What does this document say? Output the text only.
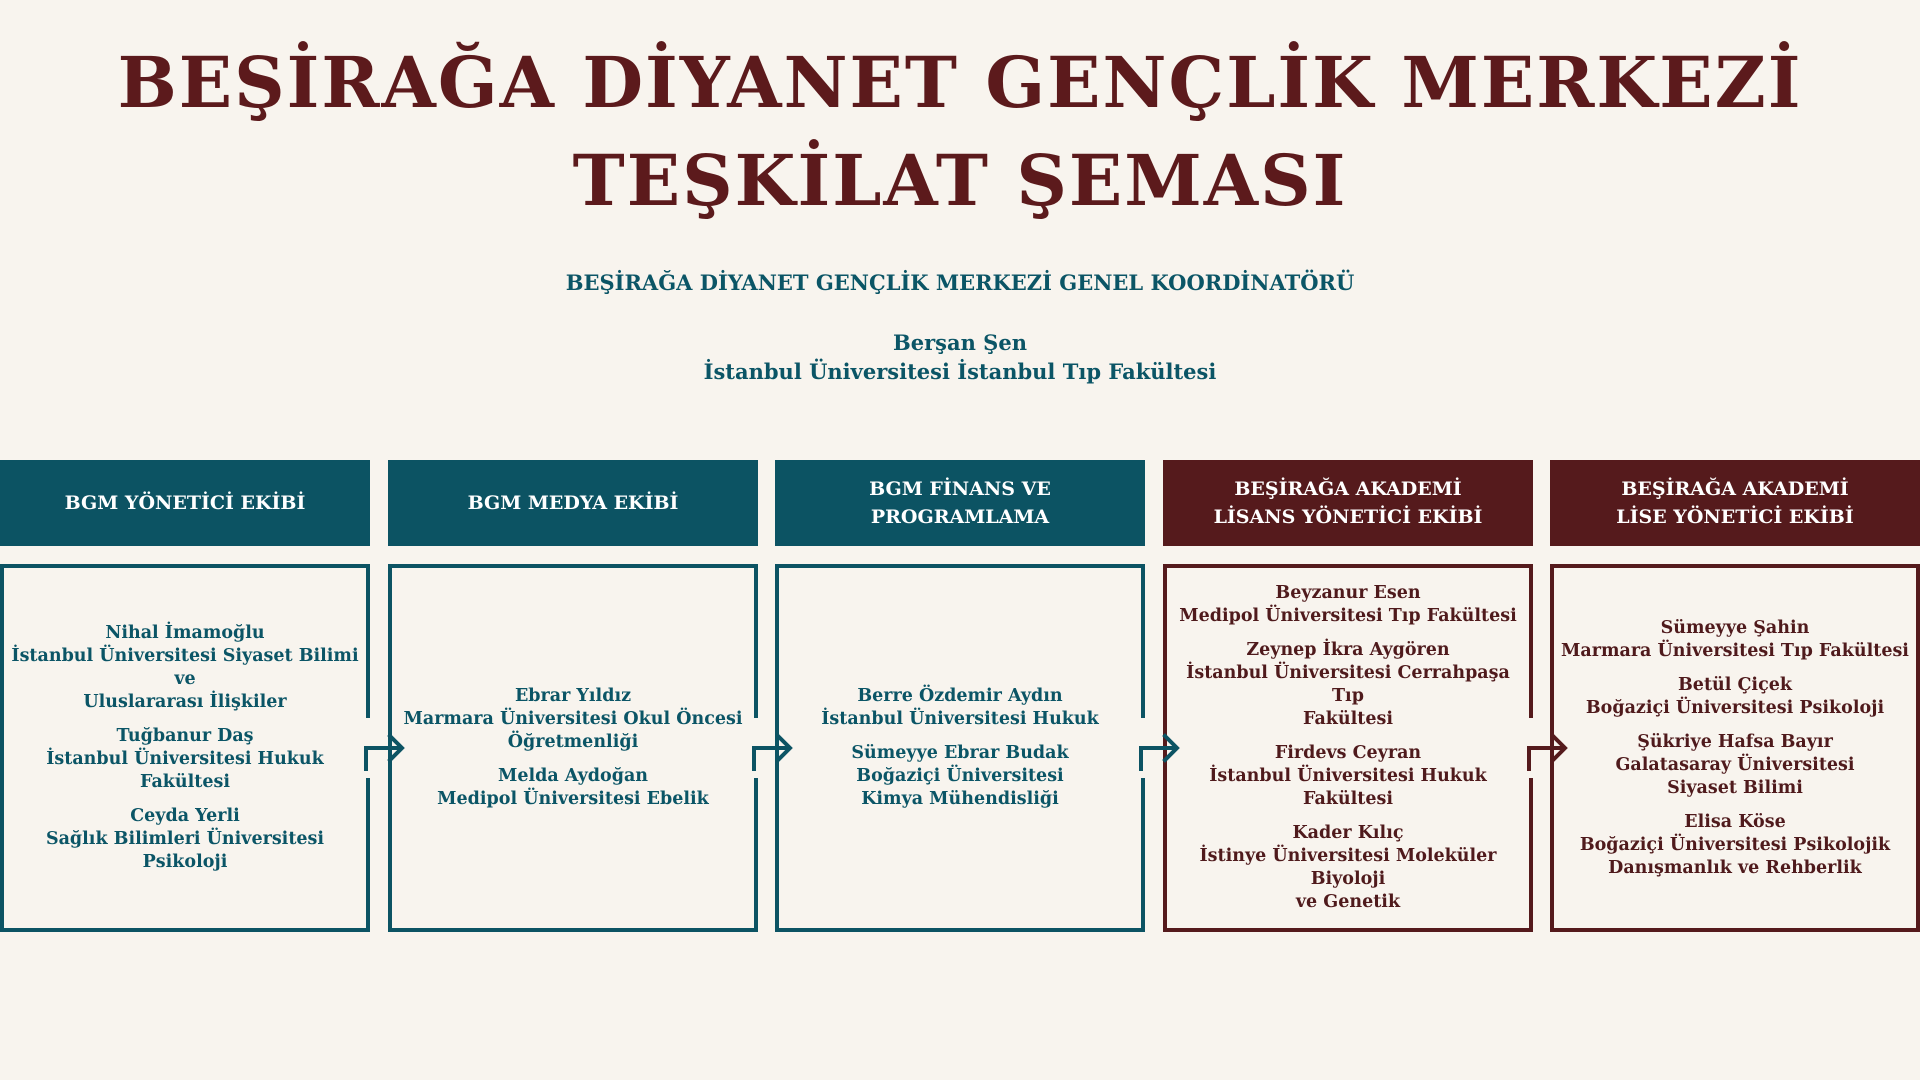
BEŞİRAĞA DİYANET GENÇLİK MERKEZİ
TEŞKİLAT ŞEMASI
BEŞİRAĞA DİYANET GENÇLİK MERKEZİ GENEL KOORDİNATÖRÜ
Berşan Şen
İstanbul Üniversitesi İstanbul Tıp Fakültesi
BGM YÖNETİCİ EKİBİ
Nihal İmamoğlu
İstanbul Üniversitesi Siyaset Bilimi ve
Uluslararası İlişkiler
Tuğbanur Daş
İstanbul Üniversitesi Hukuk Fakültesi
Ceyda Yerli
Sağlık Bilimleri Üniversitesi Psikoloji
BGM MEDYA EKİBİ
Ebrar Yıldız
Marmara Üniversitesi Okul Öncesi
Öğretmenliği
Melda Aydoğan
Medipol Üniversitesi Ebelik
BGM FİNANS VE
PROGRAMLAMA
Berre Özdemir Aydın
İstanbul Üniversitesi Hukuk
Sümeyye Ebrar Budak
Boğaziçi Üniversitesi
Kimya Mühendisliği
BEŞİRAĞA AKADEMİ
LİSANS YÖNETİCİ EKİBİ
Beyzanur Esen
Medipol Üniversitesi Tıp Fakültesi
Zeynep İkra Aygören
İstanbul Üniversitesi Cerrahpaşa Tıp
Fakültesi
Firdevs Ceyran
İstanbul Üniversitesi Hukuk Fakültesi
Kader Kılıç
İstinye Üniversitesi Moleküler Biyoloji
ve Genetik
BEŞİRAĞA AKADEMİ
LİSE YÖNETİCİ EKİBİ
Sümeyye Şahin
Marmara Üniversitesi Tıp Fakültesi
Betül Çiçek
Boğaziçi Üniversitesi Psikoloji
Şükriye Hafsa Bayır
Galatasaray Üniversitesi
Siyaset Bilimi
Elisa Köse
Boğaziçi Üniversitesi Psikolojik
Danışmanlık ve Rehberlik
